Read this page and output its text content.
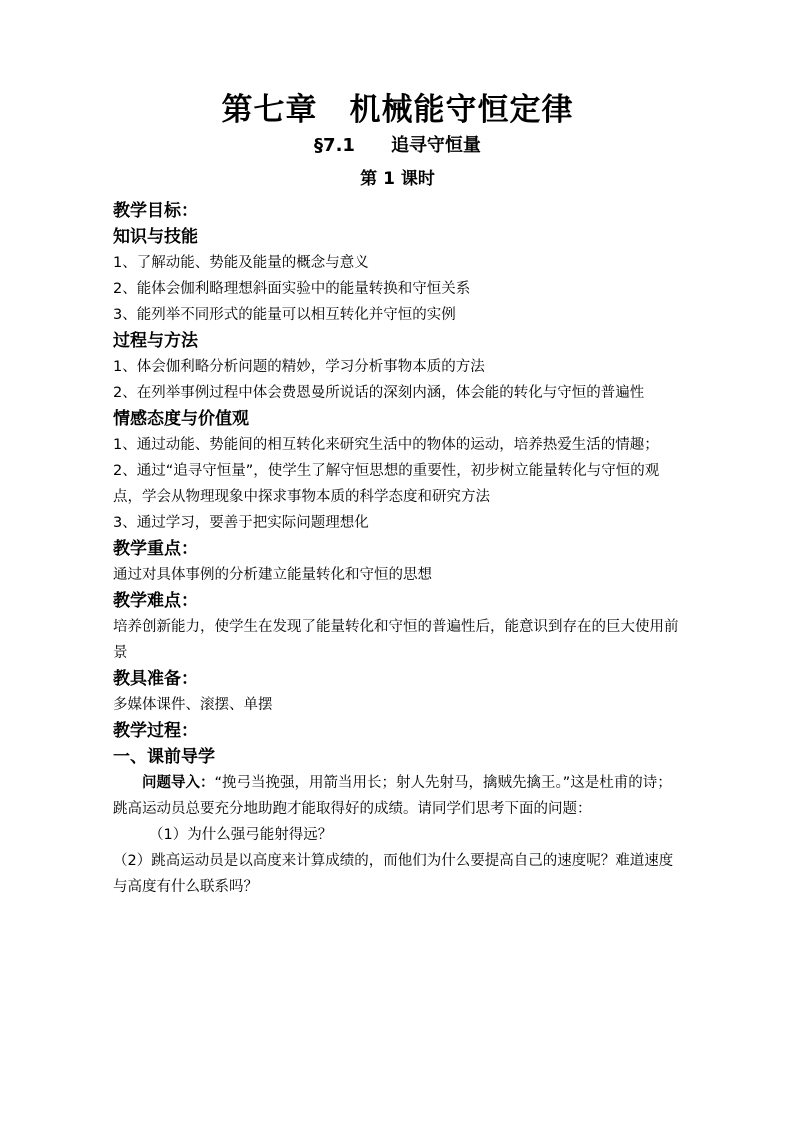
第七章　机械能守恒定律
§7.1 追寻守恒量
第 1 课时
教学目标：
知识与技能
1、了解动能、势能及能量的概念与意义
2、能体会伽利略理想斜面实验中的能量转换和守恒关系
3、能列举不同形式的能量可以相互转化并守恒的实例
过程与方法
1、体会伽利略分析问题的精妙，学习分析事物本质的方法
2、在列举事例过程中体会费恩曼所说话的深刻内涵，体会能的转化与守恒的普遍性
情感态度与价值观
1、通过动能、势能间的相互转化来研究生活中的物体的运动，培养热爱生活的情趣；
2、通过“追寻守恒量”，使学生了解守恒思想的重要性，初步树立能量转化与守恒的观点，学会从物理现象中探求事物本质的科学态度和研究方法
3、通过学习，要善于把实际问题理想化
教学重点：
通过对具体事例的分析建立能量转化和守恒的思想
教学难点：
培养创新能力，使学生在发现了能量转化和守恒的普遍性后，能意识到存在的巨大使用前景
教具准备：
多媒体课件、滚摆、单摆
教学过程：
一、课前导学
问题导入：“挽弓当挽强，用箭当用长；射人先射马，擒贼先擒王。”这是杜甫的诗；跳高运动员总要充分地助跑才能取得好的成绩。请同学们思考下面的问题：
（1）为什么强弓能射得远？
（2）跳高运动员是以高度来计算成绩的，而他们为什么要提高自己的速度呢？难道速度与高度有什么联系吗？
